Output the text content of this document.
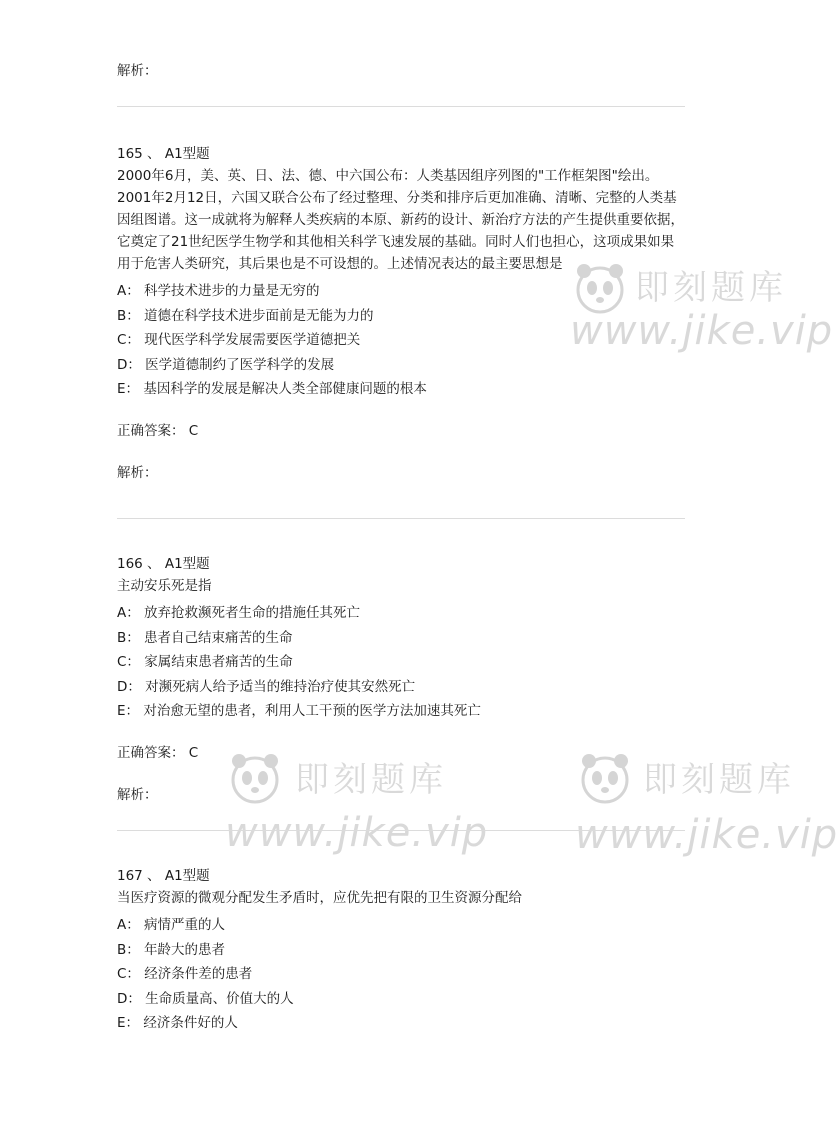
即刻题库
www.jike.vip
即刻题库
www.jike.vip
即刻题库
www.jike.vip
解析：
165 、 A1型题
2000年6月，美、英、日、法、德、中六国公布：人类基因组序列图的"工作框架图"绘出。2001年2月12日，六国又联合公布了经过整理、分类和排序后更加准确、清晰、完整的人类基因组图谱。这一成就将为解释人类疾病的本原、新药的设计、新治疗方法的产生提供重要依据，它奠定了21世纪医学生物学和其他相关科学飞速发展的基础。同时人们也担心，这项成果如果用于危害人类研究，其后果也是不可设想的。上述情况表达的最主要思想是
A： 科学技术进步的力量是无穷的
B： 道德在科学技术进步面前是无能为力的
C： 现代医学科学发展需要医学道德把关
D： 医学道德制约了医学科学的发展
E： 基因科学的发展是解决人类全部健康问题的根本
正确答案： C
解析：
166 、 A1型题
主动安乐死是指
A： 放弃抢救濒死者生命的措施任其死亡
B： 患者自己结束痛苦的生命
C： 家属结束患者痛苦的生命
D： 对濒死病人给予适当的维持治疗使其安然死亡
E： 对治愈无望的患者，利用人工干预的医学方法加速其死亡
正确答案： C
解析：
167 、 A1型题
当医疗资源的微观分配发生矛盾时，应优先把有限的卫生资源分配给
A： 病情严重的人
B： 年龄大的患者
C： 经济条件差的患者
D： 生命质量高、价值大的人
E： 经济条件好的人
